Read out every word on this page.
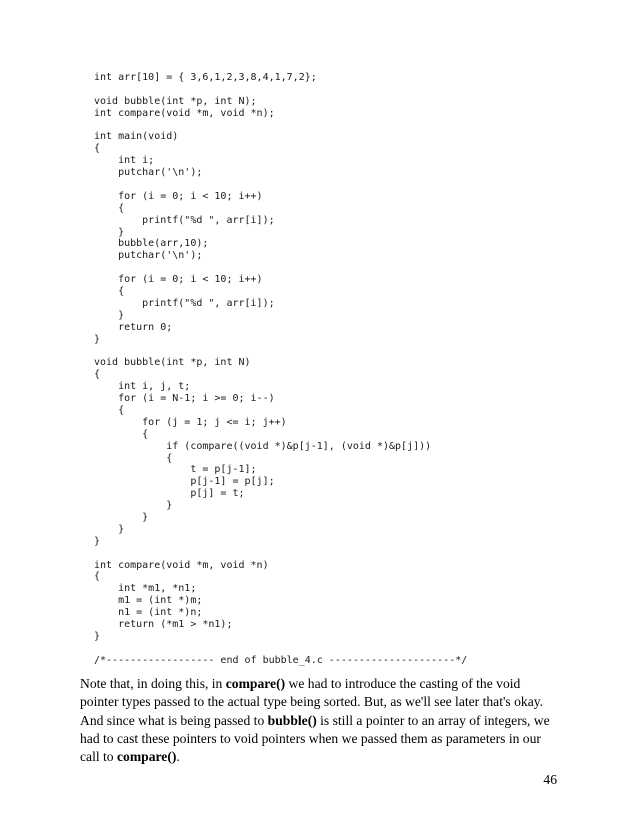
int arr[10] = { 3,6,1,2,3,8,4,1,7,2};
void bubble(int *p, int N);
int compare(void *m, void *n);
int main(void)
{
int i;
putchar('\n');
for (i = 0; i < 10; i++)
{
printf("%d ", arr[i]);
}
bubble(arr,10);
putchar('\n');
for (i = 0; i < 10; i++)
{
printf("%d ", arr[i]);
}
return 0;
}
void bubble(int *p, int N)
{
int i, j, t;
for (i = N-1; i >= 0; i--)
{
for (j = 1; j <= i; j++)
{
if (compare((void *)&p[j-1], (void *)&p[j]))
{
t = p[j-1];
p[j-1] = p[j];
p[j] = t;
}
}
}
}
int compare(void *m, void *n)
{
int *m1, *n1;
m1 = (int *)m;
n1 = (int *)n;
return (*m1 > *n1);
}
/*------------------ end of bubble_4.c ---------------------*/

Note that, in doing this, in compare() we had to introduce the casting of the void pointer types passed to the actual type being sorted. But, as we'll see later that's okay. And since what is being passed to bubble() is still a pointer to an array of integers, we had to cast these pointers to void pointers when we passed them as parameters in our call to compare().

46
